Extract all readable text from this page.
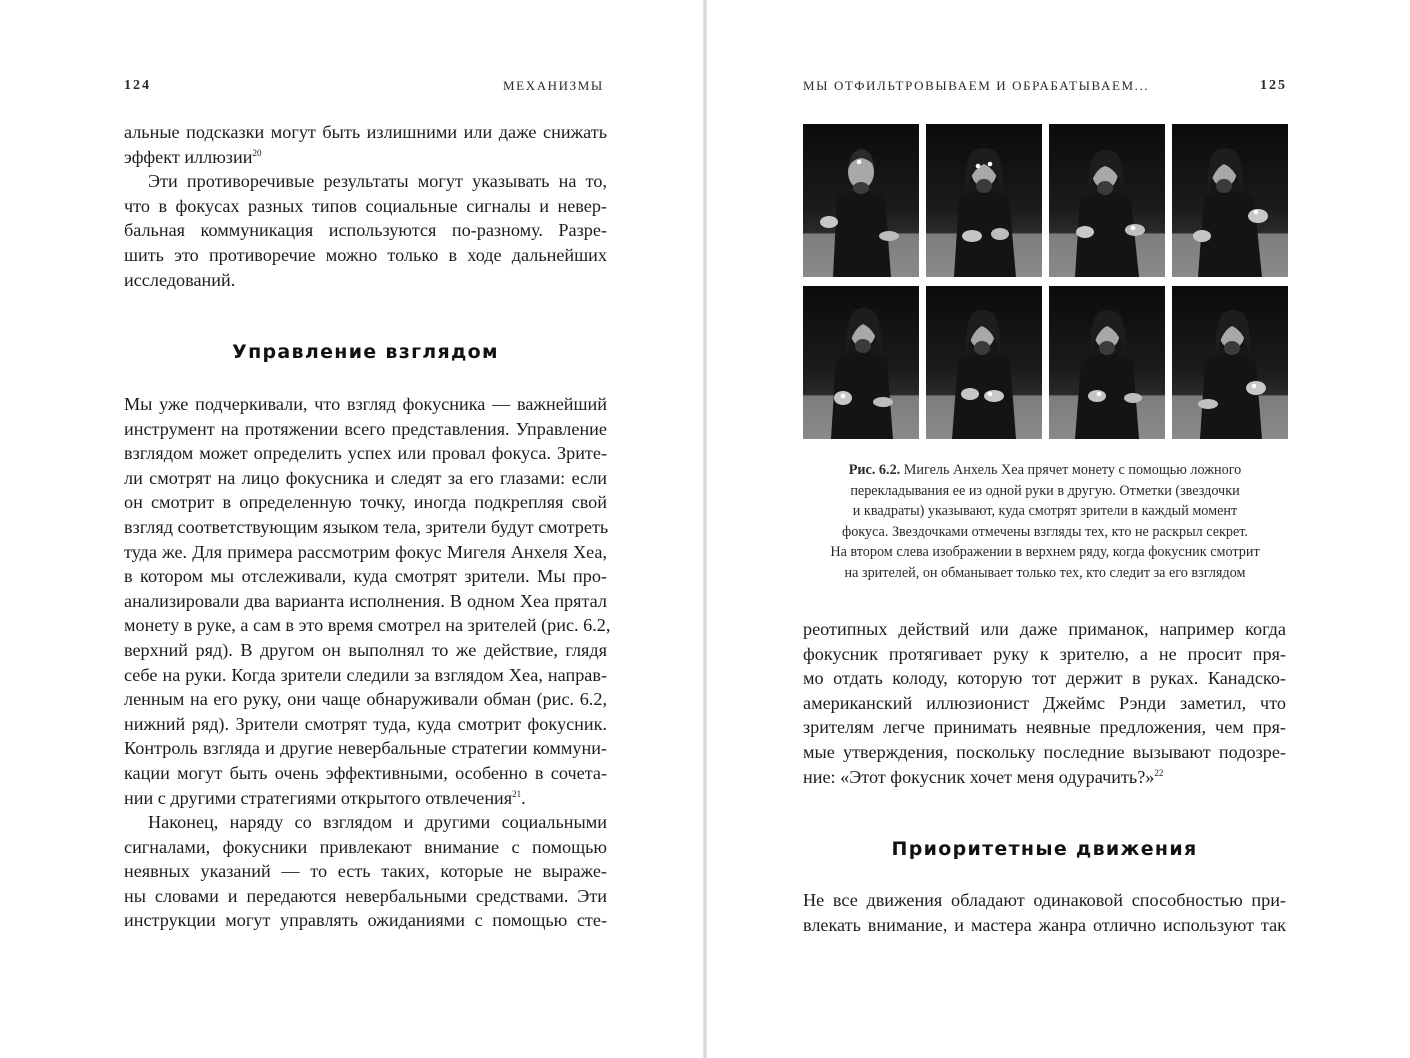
124	МЕХАНИЗМЫ
альные подсказки могут быть излишними или даже снижать
эффект иллюзии$^{20}$
Эти противоречивые результаты могут указывать на то,
что в фокусах разных типов социальные сигналы и невер-
бальная коммуникация используются по-разному. Разре-
шить это противоречие можно только в ходе дальнейших
исследований.
Управление взглядом
Мы уже подчеркивали, что взгляд фокусника — важнейший
инструмент на протяжении всего представления. Управление
взглядом может определить успех или провал фокуса. Зрите-
ли смотрят на лицо фокусника и следят за его глазами: если
он смотрит в определенную точку, иногда подкрепляя свой
взгляд соответствующим языком тела, зрители будут смотреть
туда же. Для примера рассмотрим фокус Мигеля Анхеля Хеа,
в котором мы отслеживали, куда смотрят зрители. Мы про-
анализировали два варианта исполнения. В одном Хеа прятал
монету в руке, а сам в это время смотрел на зрителей (рис. 6.2,
верхний ряд). В другом он выполнял то же действие, глядя
себе на руки. Когда зрители следили за взглядом Хеа, направ-
ленным на его руку, они чаще обнаруживали обман (рис. 6.2,
нижний ряд). Зрители смотрят туда, куда смотрит фокусник.
Контроль взгляда и другие невербальные стратегии коммуни-
кации могут быть очень эффективными, особенно в сочета-
нии с другими стратегиями открытого отвлечения$^{21}$.
Наконец, наряду со взглядом и другими социальными
сигналами, фокусники привлекают внимание с помощью
неявных указаний — то есть таких, которые не выраже-
ны словами и передаются невербальными средствами. Эти
инструкции могут управлять ожиданиями с помощью сте-
МЫ ОТФИЛЬТРОВЫВАЕМ И ОБРАБАТЫВАЕМ...	125
Рис. 6.2. Мигель Анхель Хеа прячет монету с помощью ложного
перекладывания ее из одной руки в другую. Отметки (звездочки
и квадраты) указывают, куда смотрят зрители в каждый момент
фокуса. Звездочками отмечены взгляды тех, кто не раскрыл секрет.
На втором слева изображении в верхнем ряду, когда фокусник смотрит
на зрителей, он обманывает только тех, кто следит за его взглядом
реотипных действий или даже приманок, например когда
фокусник протягивает руку к зрителю, а не просит пря-
мо отдать колоду, которую тот держит в руках. Канадско-
американский иллюзионист Джеймс Рэнди заметил, что
зрителям легче принимать неявные предложения, чем пря-
мые утверждения, поскольку последние вызывают подозре-
ние: «Этот фокусник хочет меня одурачить?»$^{22}$
Приоритетные движения
Не все движения обладают одинаковой способностью при-
влекать внимание, и мастера жанра отлично используют так
